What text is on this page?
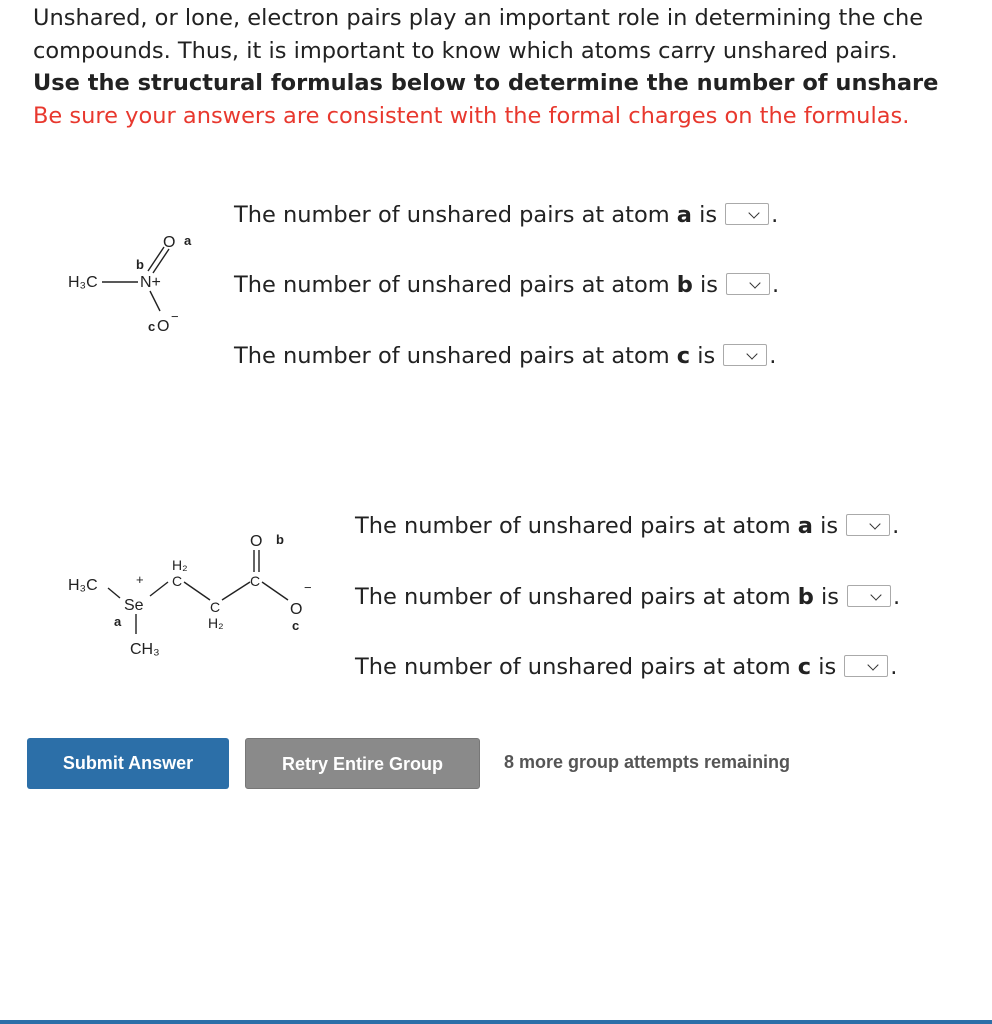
Unshared, or lone, electron pairs play an important role in determining the che
compounds. Thus, it is important to know which atoms carry unshared pairs.
Use the structural formulas below to determine the number of unshare
Be sure your answers are consistent with the formal charges on the formulas.
H₃C	N+
b
O a
c O
−
The number of unshared pairs at atom a is .
The number of unshared pairs at atom b is .
The number of unshared pairs at atom c is .
H₃C	+
Se
a
CH₃
H₂
C
C
H₂
C
O b
O
−
c
The number of unshared pairs at atom a is .
The number of unshared pairs at atom b is .
The number of unshared pairs at atom c is .
Submit Answer	Retry Entire Group	8 more group attempts remaining
